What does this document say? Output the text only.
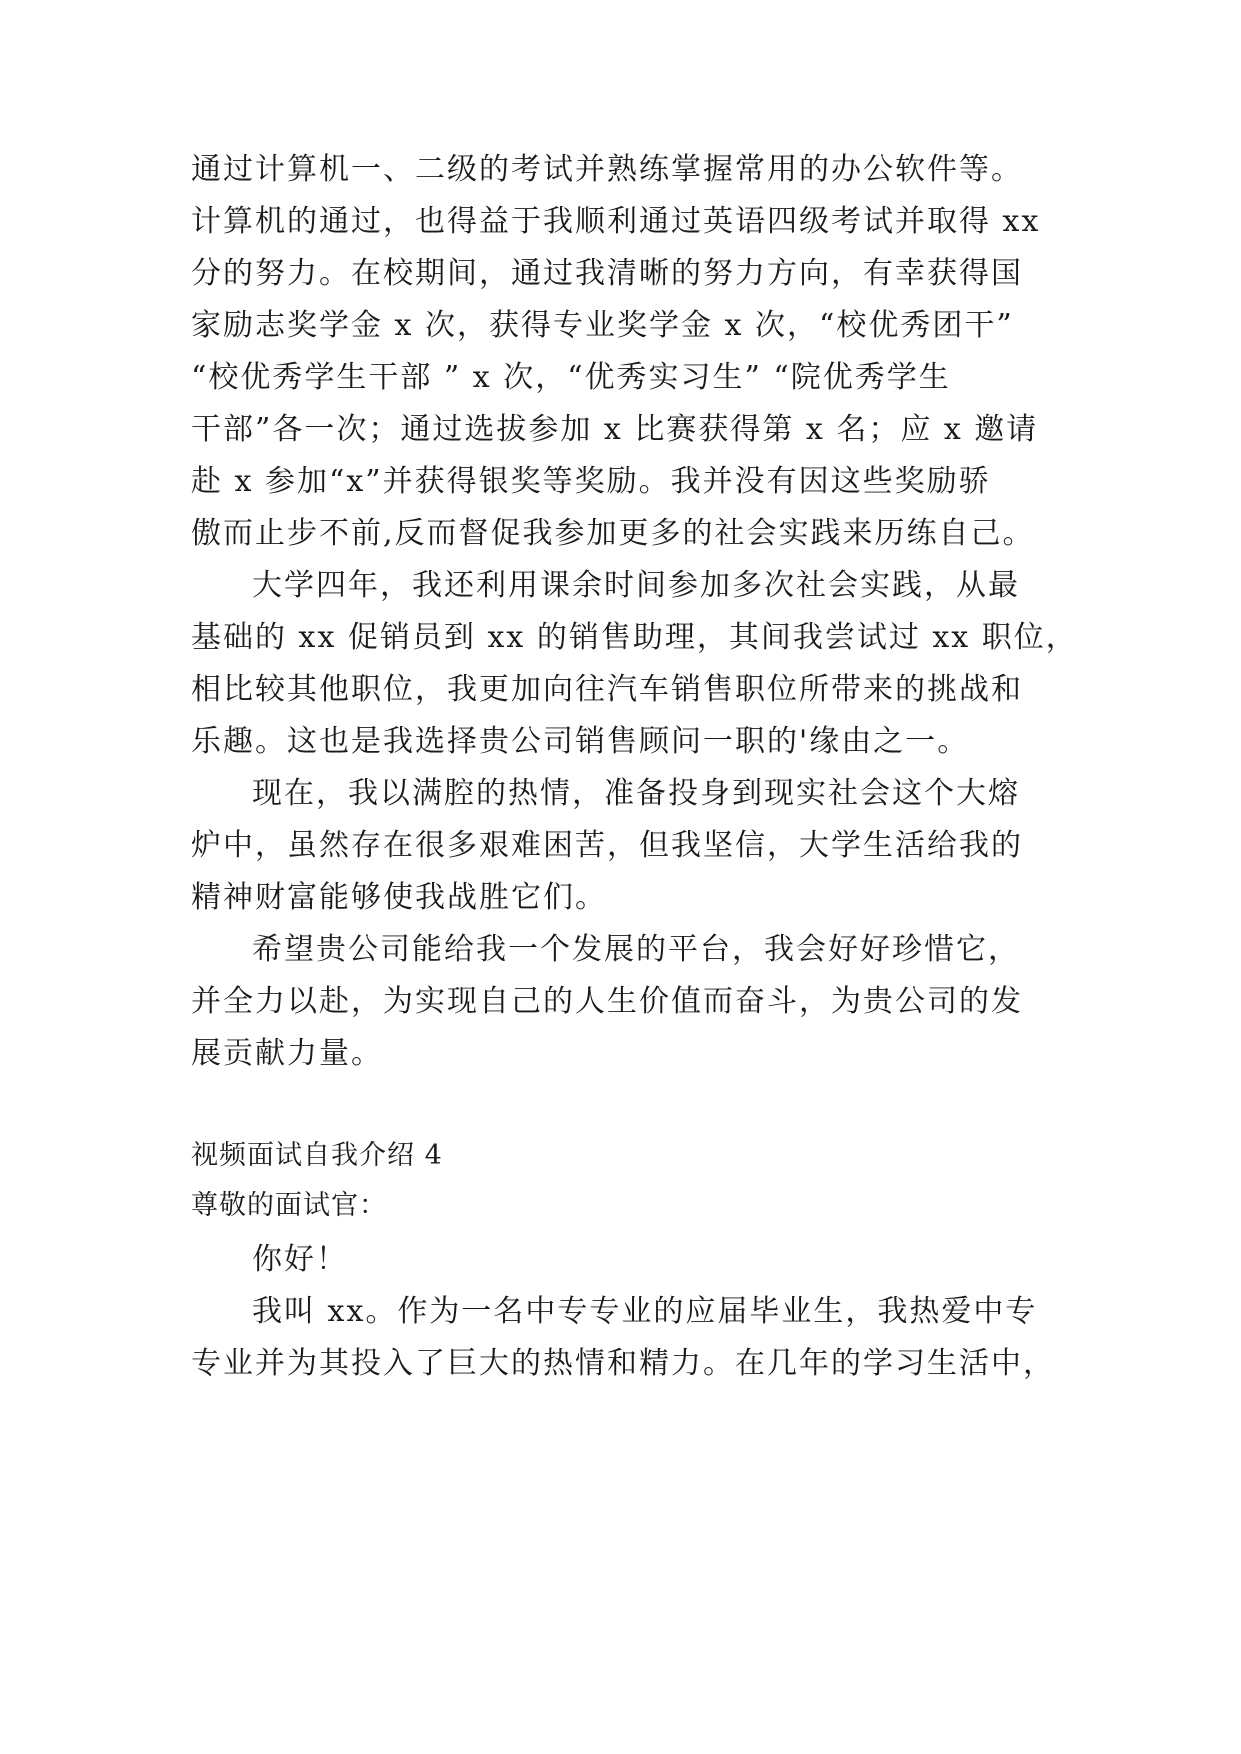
通过计算机一、二级的考试并熟练掌握常用的办公软件等。
计算机的通过，也得益于我顺利通过英语四级考试并取得 xx
分的努力。在校期间，通过我清晰的努力方向，有幸获得国
家励志奖学金 x 次，获得专业奖学金 x 次，“校优秀团干”
“校优秀学生干部 ” x 次，“优秀实习生” “院优秀学生
干部”各一次；通过选拔参加 x 比赛获得第 x 名；应 x 邀请
赴 x 参加“x”并获得银奖等奖励。我并没有因这些奖励骄
傲而止步不前,反而督促我参加更多的社会实践来历练自己。
大学四年，我还利用课余时间参加多次社会实践，从最
基础的 xx 促销员到 xx 的销售助理，其间我尝试过 xx 职位，
相比较其他职位，我更加向往汽车销售职位所带来的挑战和
乐趣。这也是我选择贵公司销售顾问一职的'缘由之一。
现在，我以满腔的热情，准备投身到现实社会这个大熔
炉中，虽然存在很多艰难困苦，但我坚信，大学生活给我的
精神财富能够使我战胜它们。
希望贵公司能给我一个发展的平台，我会好好珍惜它，
并全力以赴，为实现自己的人生价值而奋斗，为贵公司的发
展贡献力量。
视频面试自我介绍 4
尊敬的面试官：
你好！
我叫 xx。作为一名中专专业的应届毕业生，我热爱中专
专业并为其投入了巨大的热情和精力。在几年的学习生活中，
